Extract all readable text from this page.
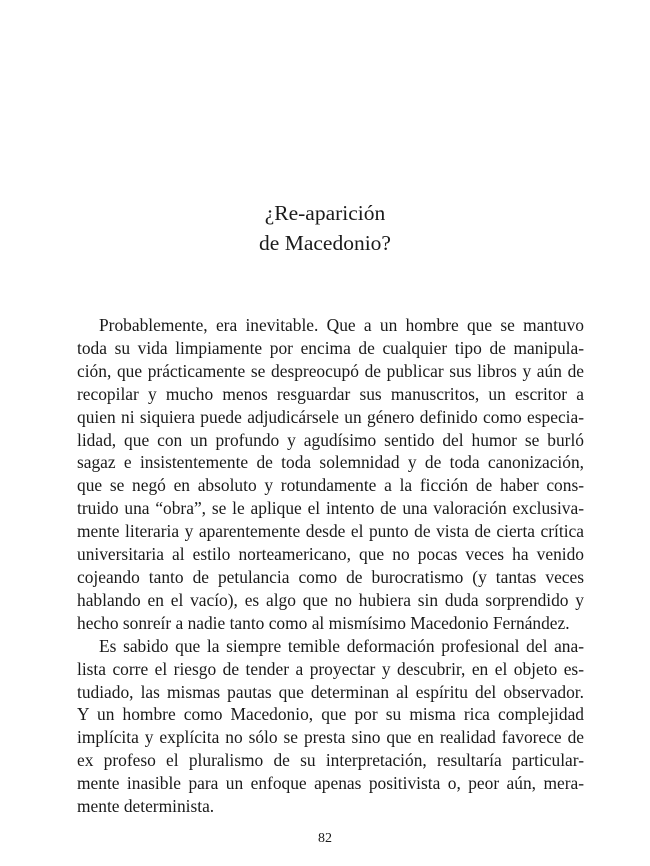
¿Re-aparición
de Macedonio?
Probablemente, era inevitable. Que a un hombre que se mantuvo
toda su vida limpiamente por encima de cualquier tipo de manipula-
ción, que prácticamente se despreocupó de publicar sus libros y aún de
recopilar y mucho menos resguardar sus manuscritos, un escritor a
quien ni siquiera puede adjudicársele un género definido como especia-
lidad, que con un profundo y agudísimo sentido del humor se burló
sagaz e insistentemente de toda solemnidad y de toda canonización,
que se negó en absoluto y rotundamente a la ficción de haber cons-
truido una “obra”, se le aplique el intento de una valoración exclusiva-
mente literaria y aparentemente desde el punto de vista de cierta crítica
universitaria al estilo norteamericano, que no pocas veces ha venido
cojeando tanto de petulancia como de burocratismo (y tantas veces
hablando en el vacío), es algo que no hubiera sin duda sorprendido y
hecho sonreír a nadie tanto como al mismísimo Macedonio Fernández.
Es sabido que la siempre temible deformación profesional del ana-
lista corre el riesgo de tender a proyectar y descubrir, en el objeto es-
tudiado, las mismas pautas que determinan al espíritu del observador.
Y un hombre como Macedonio, que por su misma rica complejidad
implícita y explícita no sólo se presta sino que en realidad favorece de
ex profeso el pluralismo de su interpretación, resultaría particular-
mente inasible para un enfoque apenas positivista o, peor aún, mera-
mente determinista.
82
